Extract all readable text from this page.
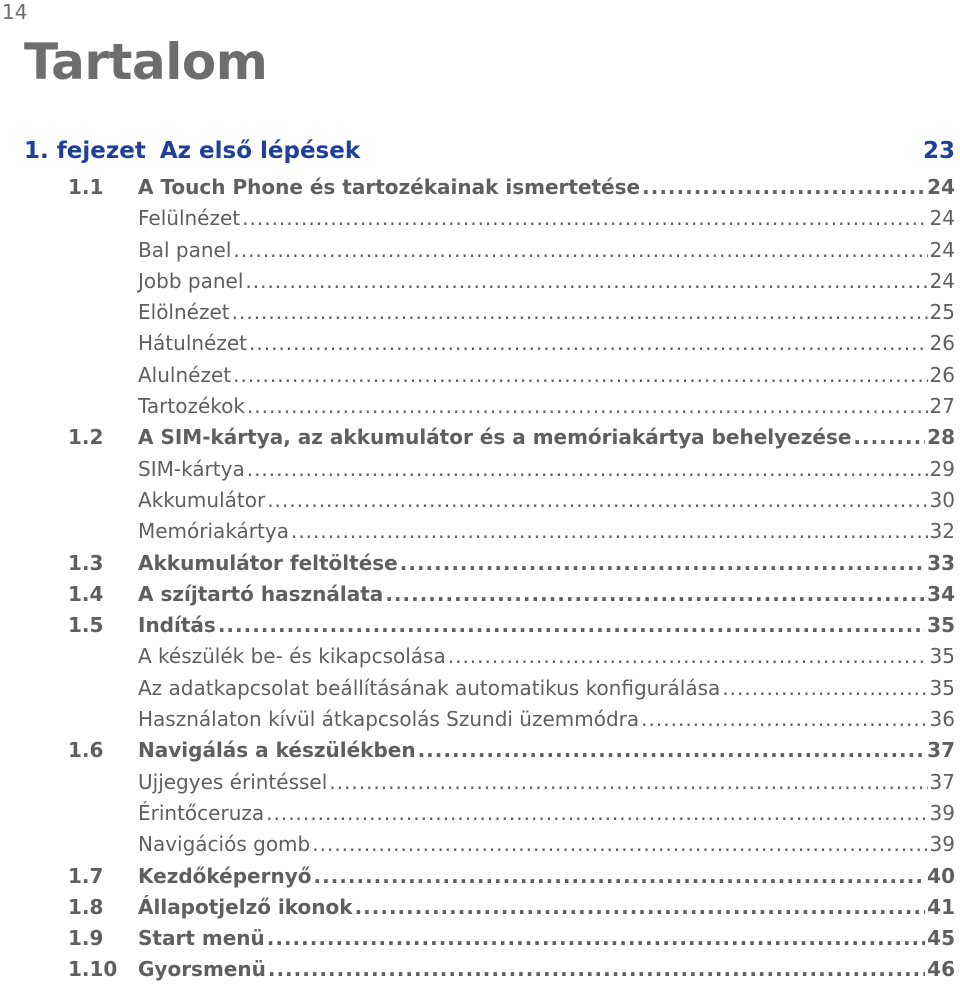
14
Tartalom
1. fejezet Az első lépések	23
1.1	A Touch Phone és tartozékainak ismertetése .....	24
Felülnézet .....	24
Bal panel .....	24
Jobb panel .....	24
Elölnézet .....	25
Hátulnézet .....	26
Alulnézet .....	26
Tartozékok .....	27
1.2	A SIM-kártya, az akkumulátor és a memóriakártya behelyezése .....	28
SIM-kártya .....	29
Akkumulátor .....	30
Memóriakártya .....	32
1.3	Akkumulátor feltöltése .....	33
1.4	A szíjtartó használata .....	34
1.5	Indítás .....	35
A készülék be- és kikapcsolása .....	35
Az adatkapcsolat beállításának automatikus konfigurálása .....	35
Használaton kívül átkapcsolás Szundi üzemmódra .....	36
1.6	Navigálás a készülékben .....	37
Ujjegyes érintéssel .....	37
Érintőceruza .....	39
Navigációs gomb .....	39
1.7	Kezdőképernyő .....	40
1.8	Állapotjelző ikonok .....	41
1.9	Start menü .....	45
1.10	Gyorsmenü .....	46
